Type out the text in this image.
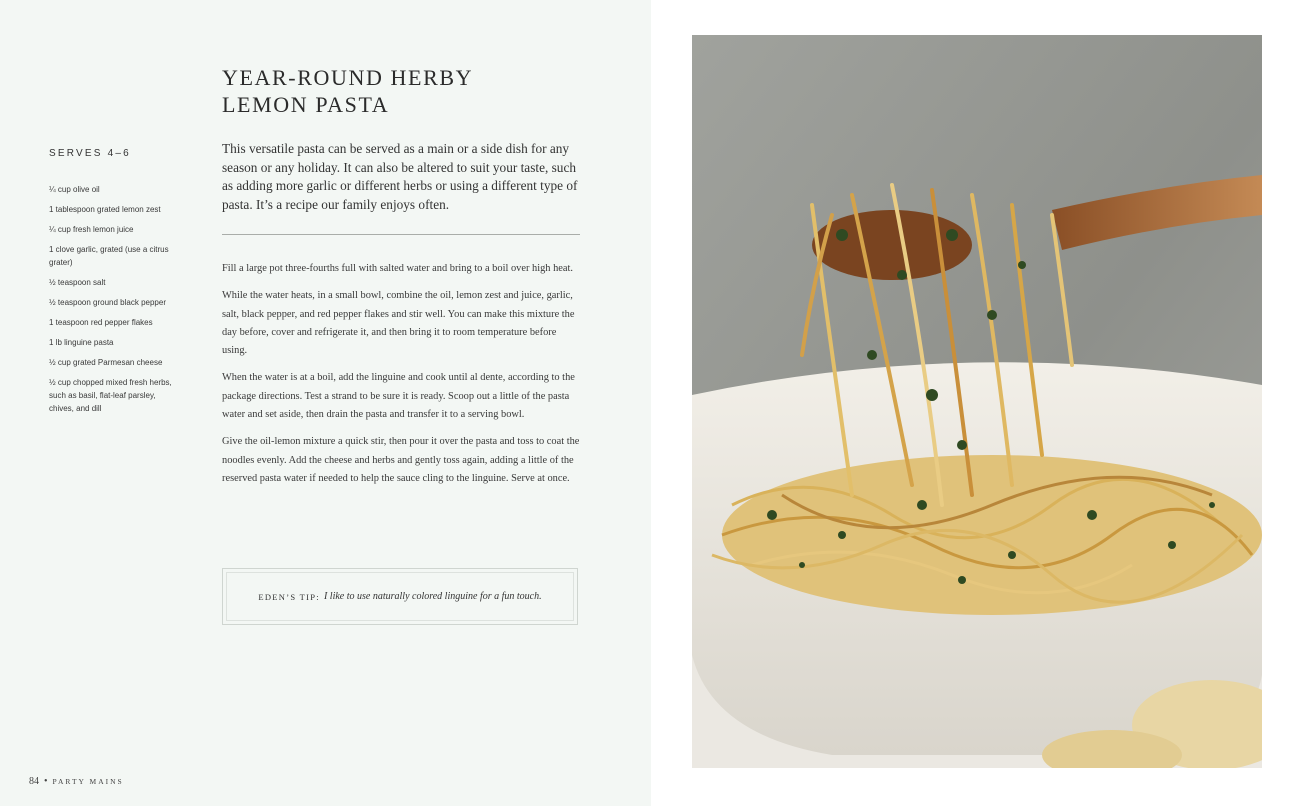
YEAR-ROUND HERBY
LEMON PASTA
SERVES 4–6
¼ cup olive oil
1 tablespoon grated lemon zest
¼ cup fresh lemon juice
1 clove garlic, grated (use a citrus grater)
½ teaspoon salt
½ teaspoon ground black pepper
1 teaspoon red pepper flakes
1 lb linguine pasta
½ cup grated Parmesan cheese
½ cup chopped mixed fresh herbs, such as basil, flat-leaf parsley, chives, and dill

This versatile pasta can be served as a main or a side dish for any season or any holiday. It can also be altered to suit your taste, such as adding more garlic or different herbs or using a different type of pasta. It’s a recipe our family enjoys often.

Fill a large pot three-fourths full with salted water and bring to a boil over high heat.

While the water heats, in a small bowl, combine the oil, lemon zest and juice, garlic, salt, black pepper, and red pepper flakes and stir well. You can make this mixture the day before, cover and refrigerate it, and then bring it to room temperature before using.

When the water is at a boil, add the linguine and cook until al dente, according to the package directions. Test a strand to be sure it is ready. Scoop out a little of the pasta water and set aside, then drain the pasta and transfer it to a serving bowl.

Give the oil-lemon mixture a quick stir, then pour it over the pasta and toss to coat the noodles evenly. Add the cheese and herbs and gently toss again, adding a little of the reserved pasta water if needed to help the sauce cling to the linguine. Serve at once.

EDEN’S TIP: I like to use naturally colored linguine for a fun touch.
84 • PARTY MAINS
